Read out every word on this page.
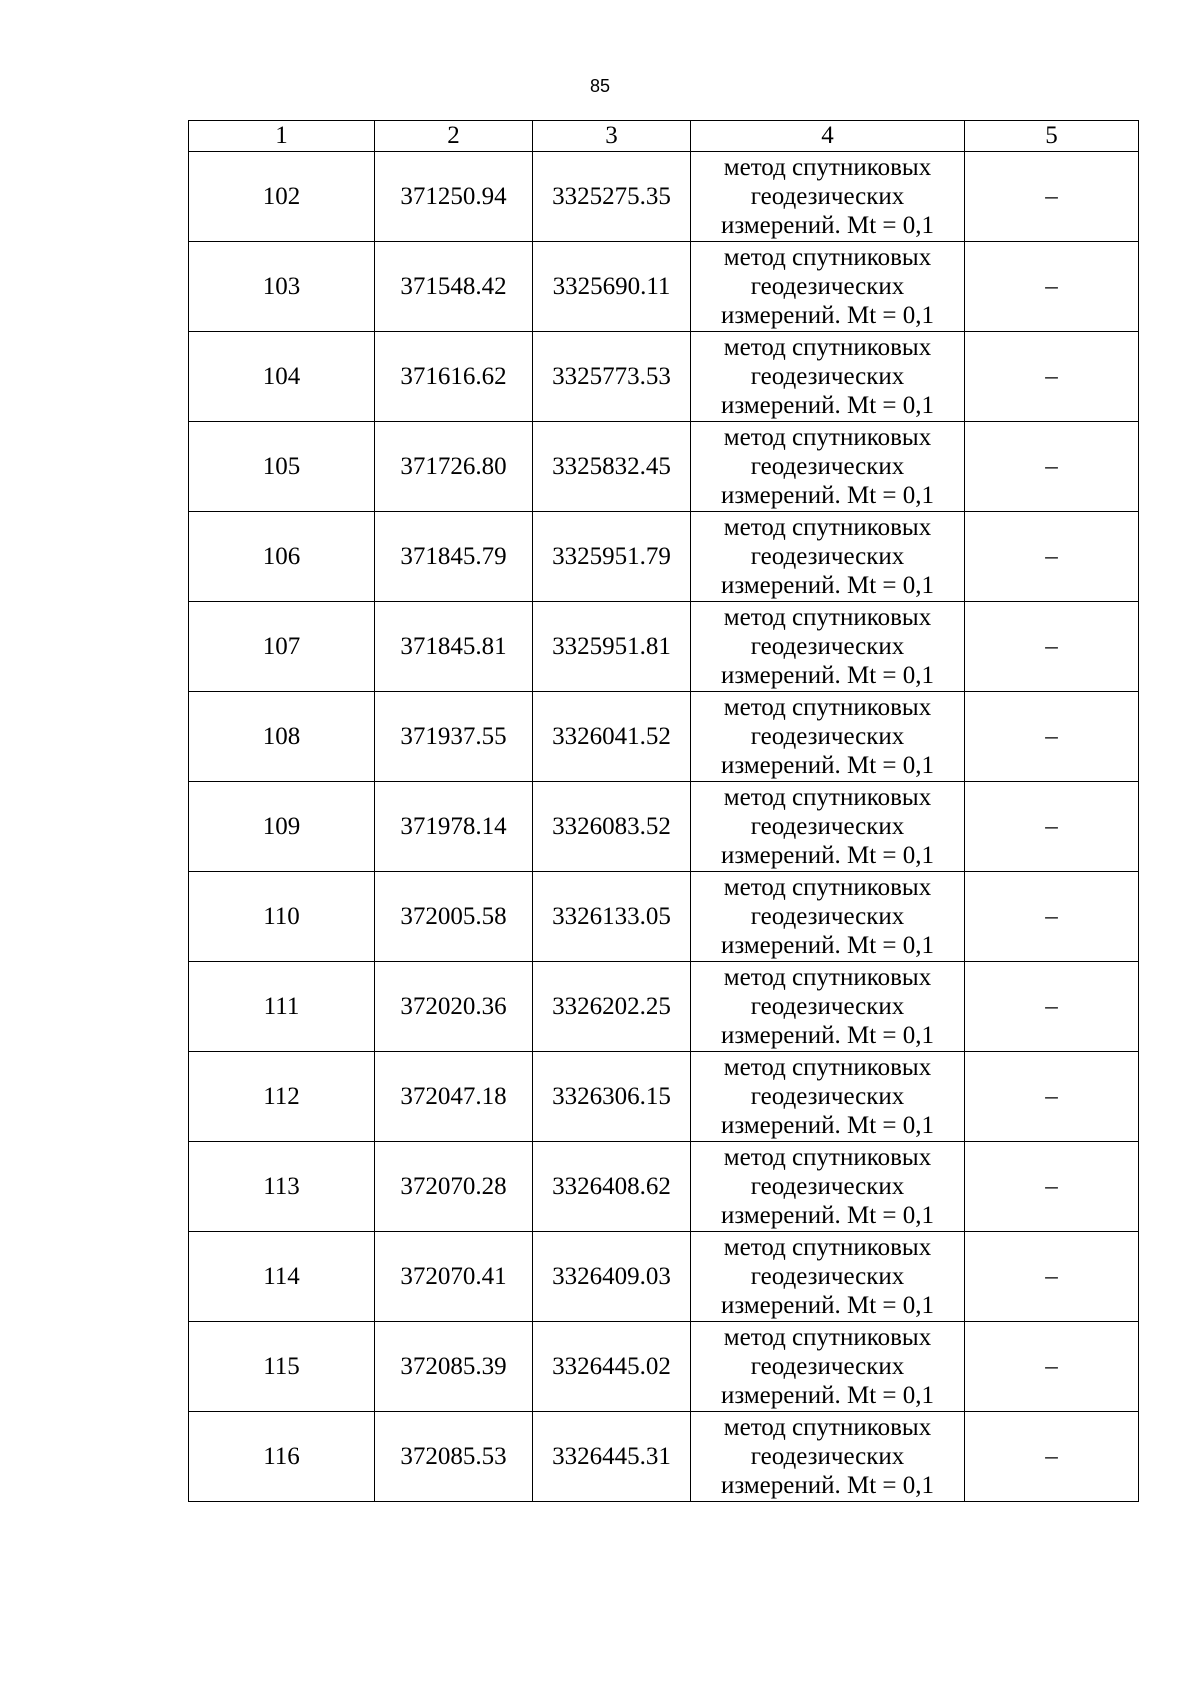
85
1	2	3	4	5
102	371250.94	3325275.35	метод спутниковых
геодезических
измерений. Mt = 0,1	–
103	371548.42	3325690.11	метод спутниковых
геодезических
измерений. Mt = 0,1	–
104	371616.62	3325773.53	метод спутниковых
геодезических
измерений. Mt = 0,1	–
105	371726.80	3325832.45	метод спутниковых
геодезических
измерений. Mt = 0,1	–
106	371845.79	3325951.79	метод спутниковых
геодезических
измерений. Mt = 0,1	–
107	371845.81	3325951.81	метод спутниковых
геодезических
измерений. Mt = 0,1	–
108	371937.55	3326041.52	метод спутниковых
геодезических
измерений. Mt = 0,1	–
109	371978.14	3326083.52	метод спутниковых
геодезических
измерений. Mt = 0,1	–
110	372005.58	3326133.05	метод спутниковых
геодезических
измерений. Mt = 0,1	–
111	372020.36	3326202.25	метод спутниковых
геодезических
измерений. Mt = 0,1	–
112	372047.18	3326306.15	метод спутниковых
геодезических
измерений. Mt = 0,1	–
113	372070.28	3326408.62	метод спутниковых
геодезических
измерений. Mt = 0,1	–
114	372070.41	3326409.03	метод спутниковых
геодезических
измерений. Mt = 0,1	–
115	372085.39	3326445.02	метод спутниковых
геодезических
измерений. Mt = 0,1	–
116	372085.53	3326445.31	метод спутниковых
геодезических
измерений. Mt = 0,1	–
